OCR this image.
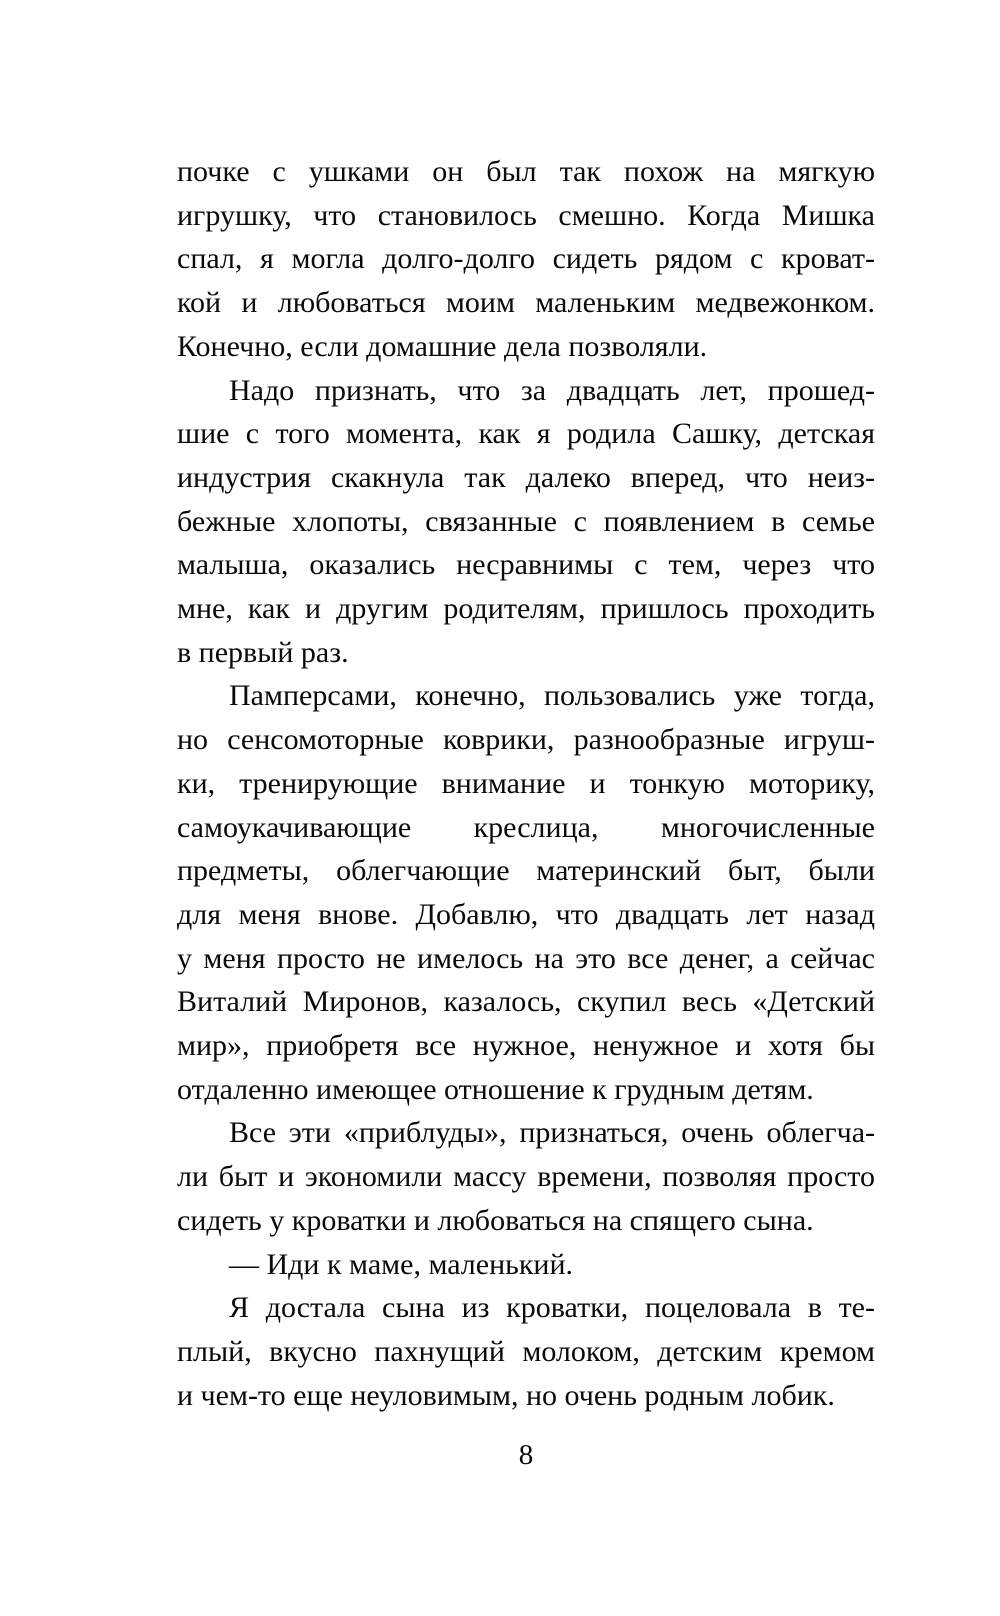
почке с ушками он был так похож на мягкую
игрушку, что становилось смешно. Когда Мишка
спал, я могла долго-долго сидеть рядом с кроват-
кой и любоваться моим маленьким медвежонком.
Конечно, если домашние дела позволяли.

Надо признать, что за двадцать лет, прошед-
шие с того момента, как я родила Сашку, детская
индустрия скакнула так далеко вперед, что неиз-
бежные хлопоты, связанные с появлением в семье
малыша, оказались несравнимы с тем, через что
мне, как и другим родителям, пришлось проходить
в первый раз.

Памперсами, конечно, пользовались уже тогда,
но сенсомоторные коврики, разнообразные игруш-
ки, тренирующие внимание и тонкую моторику,
самоукачивающие креслица, многочисленные
предметы, облегчающие материнский быт, были
для меня внове. Добавлю, что двадцать лет назад
у меня просто не имелось на это все денег, а сейчас
Виталий Миронов, казалось, скупил весь «Детский
мир», приобретя все нужное, ненужное и хотя бы
отдаленно имеющее отношение к грудным детям.

Все эти «приблуды», признаться, очень облегча-
ли быт и экономили массу времени, позволяя просто
сидеть у кроватки и любоваться на спящего сына.

— Иди к маме, маленький.

Я достала сына из кроватки, поцеловала в те-
плый, вкусно пахнущий молоком, детским кремом
и чем-то еще неуловимым, но очень родным лобик.

8
